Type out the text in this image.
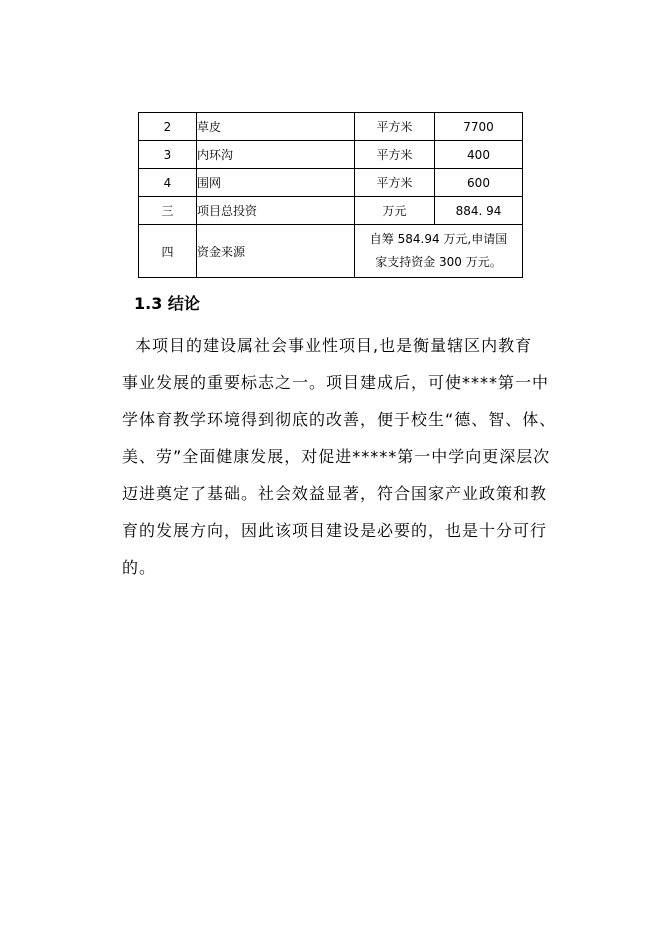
2	草皮	平方米	7700
3	内环沟	平方米	400
4	围网	平方米	600
三	项目总投资	万元	884. 94
四	资金来源	自筹 584.94 万元,申请国
家支持资金 300 万元。	
1.3 结论
本项目的建设属社会事业性项目,也是衡量辖区内教育
事业发展的重要标志之一。项目建成后，可使****第一中
学体育教学环境得到彻底的改善，便于校生“德、智、体、
美、劳”全面健康发展，对促进*****第一中学向更深层次
迈进奠定了基础。社会效益显著，符合国家产业政策和教
育的发展方向，因此该项目建设是必要的，也是十分可行
的。
